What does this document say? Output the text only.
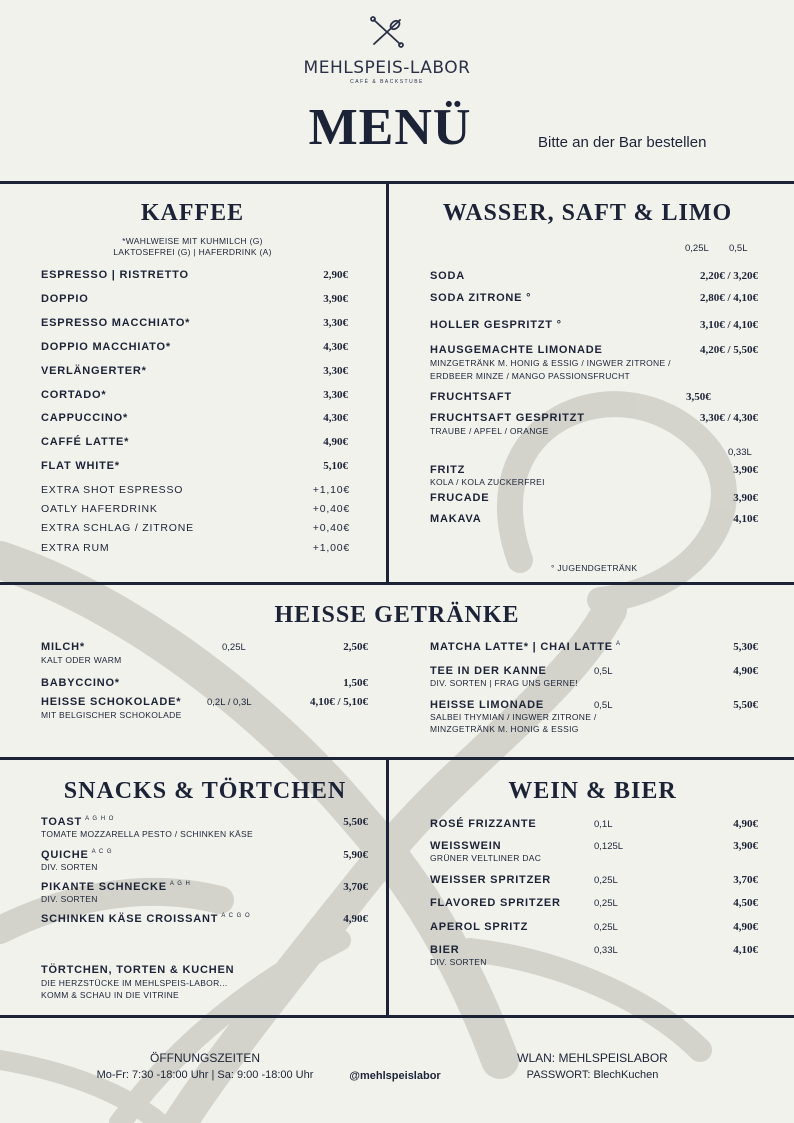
MEHLSPEIS-LABOR
CAFÉ & BACKSTUBE
MENÜ	Bitte an der Bar bestellen
KAFFEE
*WAHLWEISE MIT KUHMILCH (G)
LAKTOSEFREI (G) | HAFERDRINK (A)
ESPRESSO | RISTRETTO	2,90€
DOPPIO	3,90€
ESPRESSO MACCHIATO*	3,30€
DOPPIO MACCHIATO*	4,30€
VERLÄNGERTER*	3,30€
CORTADO*	3,30€
CAPPUCCINO*	4,30€
CAFFÉ LATTE*	4,90€
FLAT WHITE*	5,10€
EXTRA SHOT ESPRESSO	+1,10€
OATLY HAFERDRINK	+0,40€
EXTRA SCHLAG / ZITRONE	+0,40€
EXTRA RUM	+1,00€
WASSER, SAFT & LIMO
0,25L 0,5L
SODA	2,20€ / 3,20€
SODA ZITRONE °	2,80€ / 4,10€
HOLLER GESPRITZT °	3,10€ / 4,10€
HAUSGEMACHTE LIMONADE	4,20€ / 5,50€
MINZGETRÄNK M. HONIG & ESSIG / INGWER ZITRONE /
ERDBEER MINZE / MANGO PASSIONSFRUCHT
FRUCHTSAFT	3,50€
FRUCHTSAFT GESPRITZT	3,30€ / 4,30€
TRAUBE / APFEL / ORANGE
0,33L
FRITZ	3,90€
KOLA / KOLA ZUCKERFREI
FRUCADE	3,90€
MAKAVA	4,10€
° JUGENDGETRÄNK
HEISSE GETRÄNKE
MILCH*	0,25L	2,50€
KALT ODER WARM
BABYCCINO*	1,50€
HEISSE SCHOKOLADE*	0,2L / 0,3L	4,10€ / 5,10€
MIT BELGISCHER SCHOKOLADE
MATCHA LATTE* | CHAI LATTE $^A$	5,30€
TEE IN DER KANNE	0,5L	4,90€
DIV. SORTEN | FRAG UNS GERNE!
HEISSE LIMONADE	0,5L	5,50€
SALBEI THYMIAN / INGWER ZITRONE /
MINZGETRÄNK M. HONIG & ESSIG
SNACKS & TÖRTCHEN
TOAST $^{A G H O}$	5,50€
TOMATE MOZZARELLA PESTO / SCHINKEN KÄSE
QUICHE $^{A C G}$	5,90€
DIV. SORTEN
PIKANTE SCHNECKE $^{A G H}$	3,70€
DIV. SORTEN
SCHINKEN KÄSE CROISSANT $^{A C G O}$	4,90€
TÖRTCHEN, TORTEN & KUCHEN
DIE HERZSTÜCKE IM MEHLSPEIS-LABOR...
KOMM & SCHAU IN DIE VITRINE
WEIN & BIER
ROSÉ FRIZZANTE	0,1L	4,90€
WEISSWEIN	0,125L	3,90€
GRÜNER VELTLINER DAC
WEISSER SPRITZER	0,25L	3,70€
FLAVORED SPRITZER	0,25L	4,50€
APEROL SPRITZ	0,25L	4,90€
BIER	0,33L	4,10€
DIV. SORTEN
ÖFFNUNGSZEITEN
Mo-Fr: 7:30 -18:00 Uhr | Sa: 9:00 -18:00 Uhr	@mehlspeislabor
WLAN: MEHLSPEISLABOR
PASSWORT: BlechKuchen
